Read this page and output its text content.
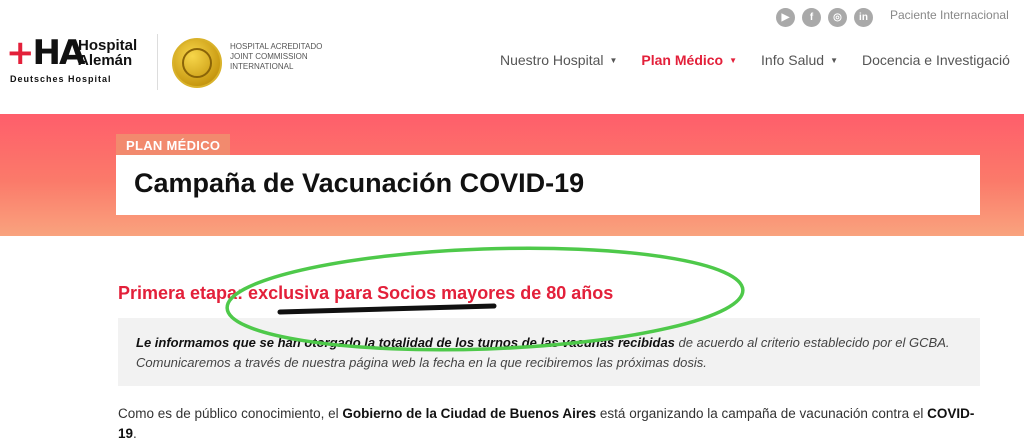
+HA
Hospital
Alemán
Deutsches Hospital
HOSPITAL ACREDITADO
JOINT COMMISSION
INTERNATIONAL
▶	f	◎	in	Paciente Internacional
Nuestro Hospital ▼ Plan Médico ▼ Info Salud ▼ Docencia e Investigació
PLAN MÉDICO
Campaña de Vacunación COVID-19
Primera etapa: exclusiva para Socios mayores de 80 años
Le informamos que se han otorgado la totalidad de los turnos de las vacunas recibidas de acuerdo al criterio establecido por el GCBA. Comunicaremos a través de nuestra página web la fecha en la que recibiremos las próximas dosis.

Como es de público conocimiento, el Gobierno de la Ciudad de Buenos Aires está organizando la campaña de vacunación contra el COVID-19.
